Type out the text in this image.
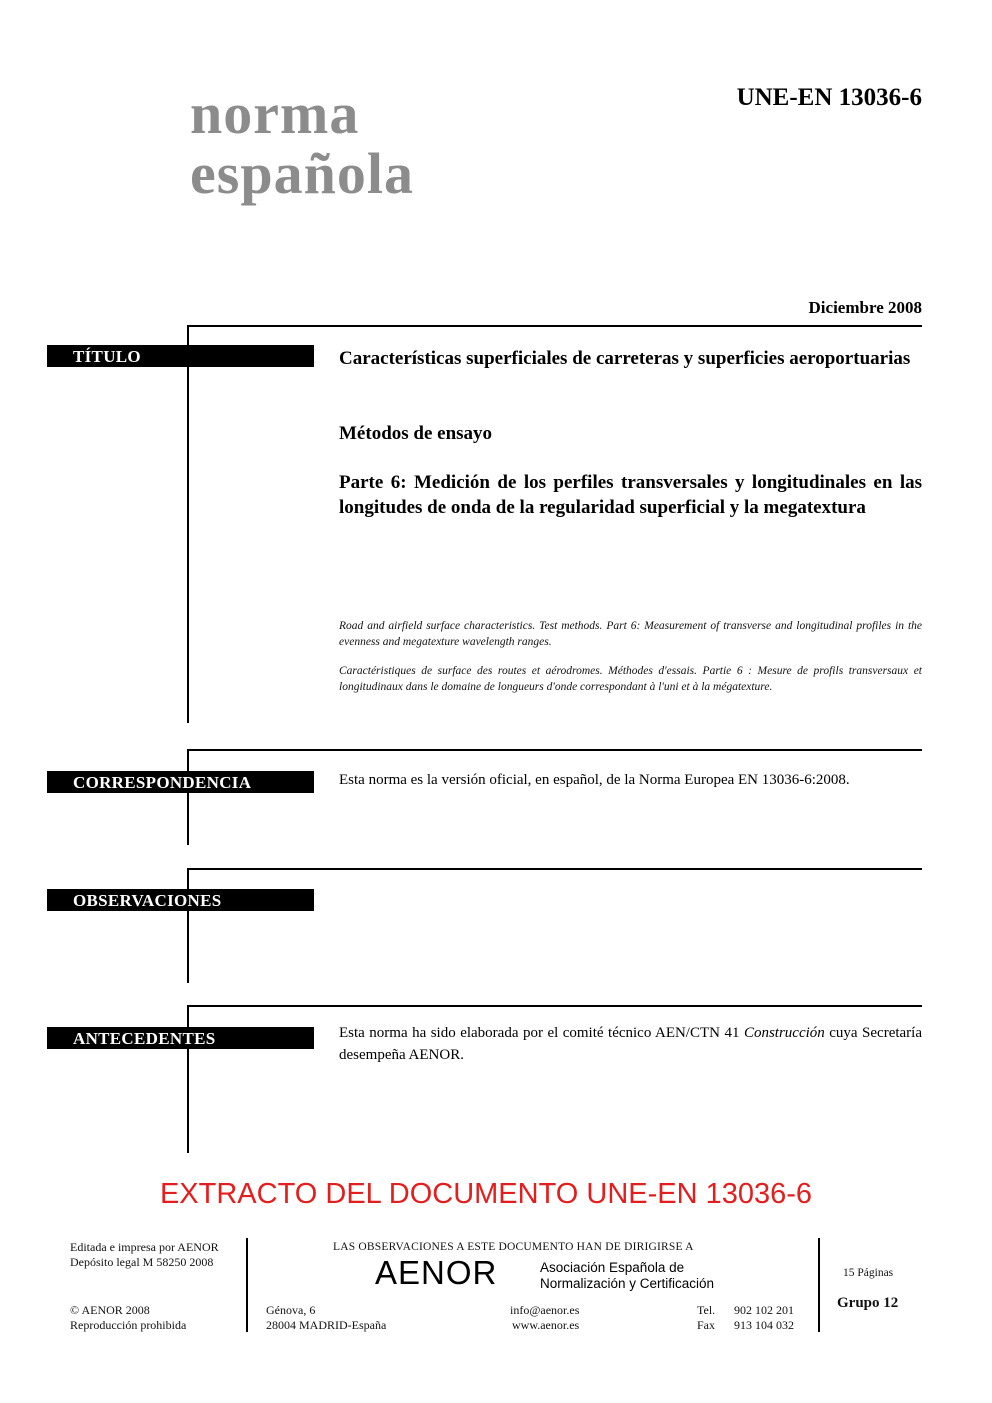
norma
española
UNE-EN 13036-6
Diciembre 2008
TÍTULO	Características superficiales de carreteras y superficies aeroportuarias
Métodos de ensayo
Parte 6: Medición de los perfiles transversales y longitudinales en las longitudes de onda de la regularidad superficial y la megatextura
Road and airfield surface characteristics. Test methods. Part 6: Measurement of transverse and longitudinal profiles in the evenness and megatexture wavelength ranges.
Caractéristiques de surface des routes et aérodromes. Méthodes d'essais. Partie 6 : Mesure de profils transversaux et longitudinaux dans le domaine de longueurs d'onde correspondant à l'uni et à la mégatexture.
CORRESPONDENCIA	Esta norma es la versión oficial, en español, de la Norma Europea EN 13036-6:2008.
OBSERVACIONES
ANTECEDENTES	Esta norma ha sido elaborada por el comité técnico AEN/CTN 41 Construcción cuya Secretaría desempeña AENOR.
EXTRACTO DEL DOCUMENTO UNE-EN 13036-6
Editada e impresa por AENOR
Depósito legal M 58250 2008
© AENOR 2008
Reproducción prohibida
LAS OBSERVACIONES A ESTE DOCUMENTO HAN DE DIRIGIRSE A
AENOR	Asociación Española de
Normalización y Certificación
Génova, 6
28004 MADRID-España
info@aenor.es
www.aenor.es
Tel. 902 102 201
Fax 913 104 032
15 Páginas
Grupo 12
